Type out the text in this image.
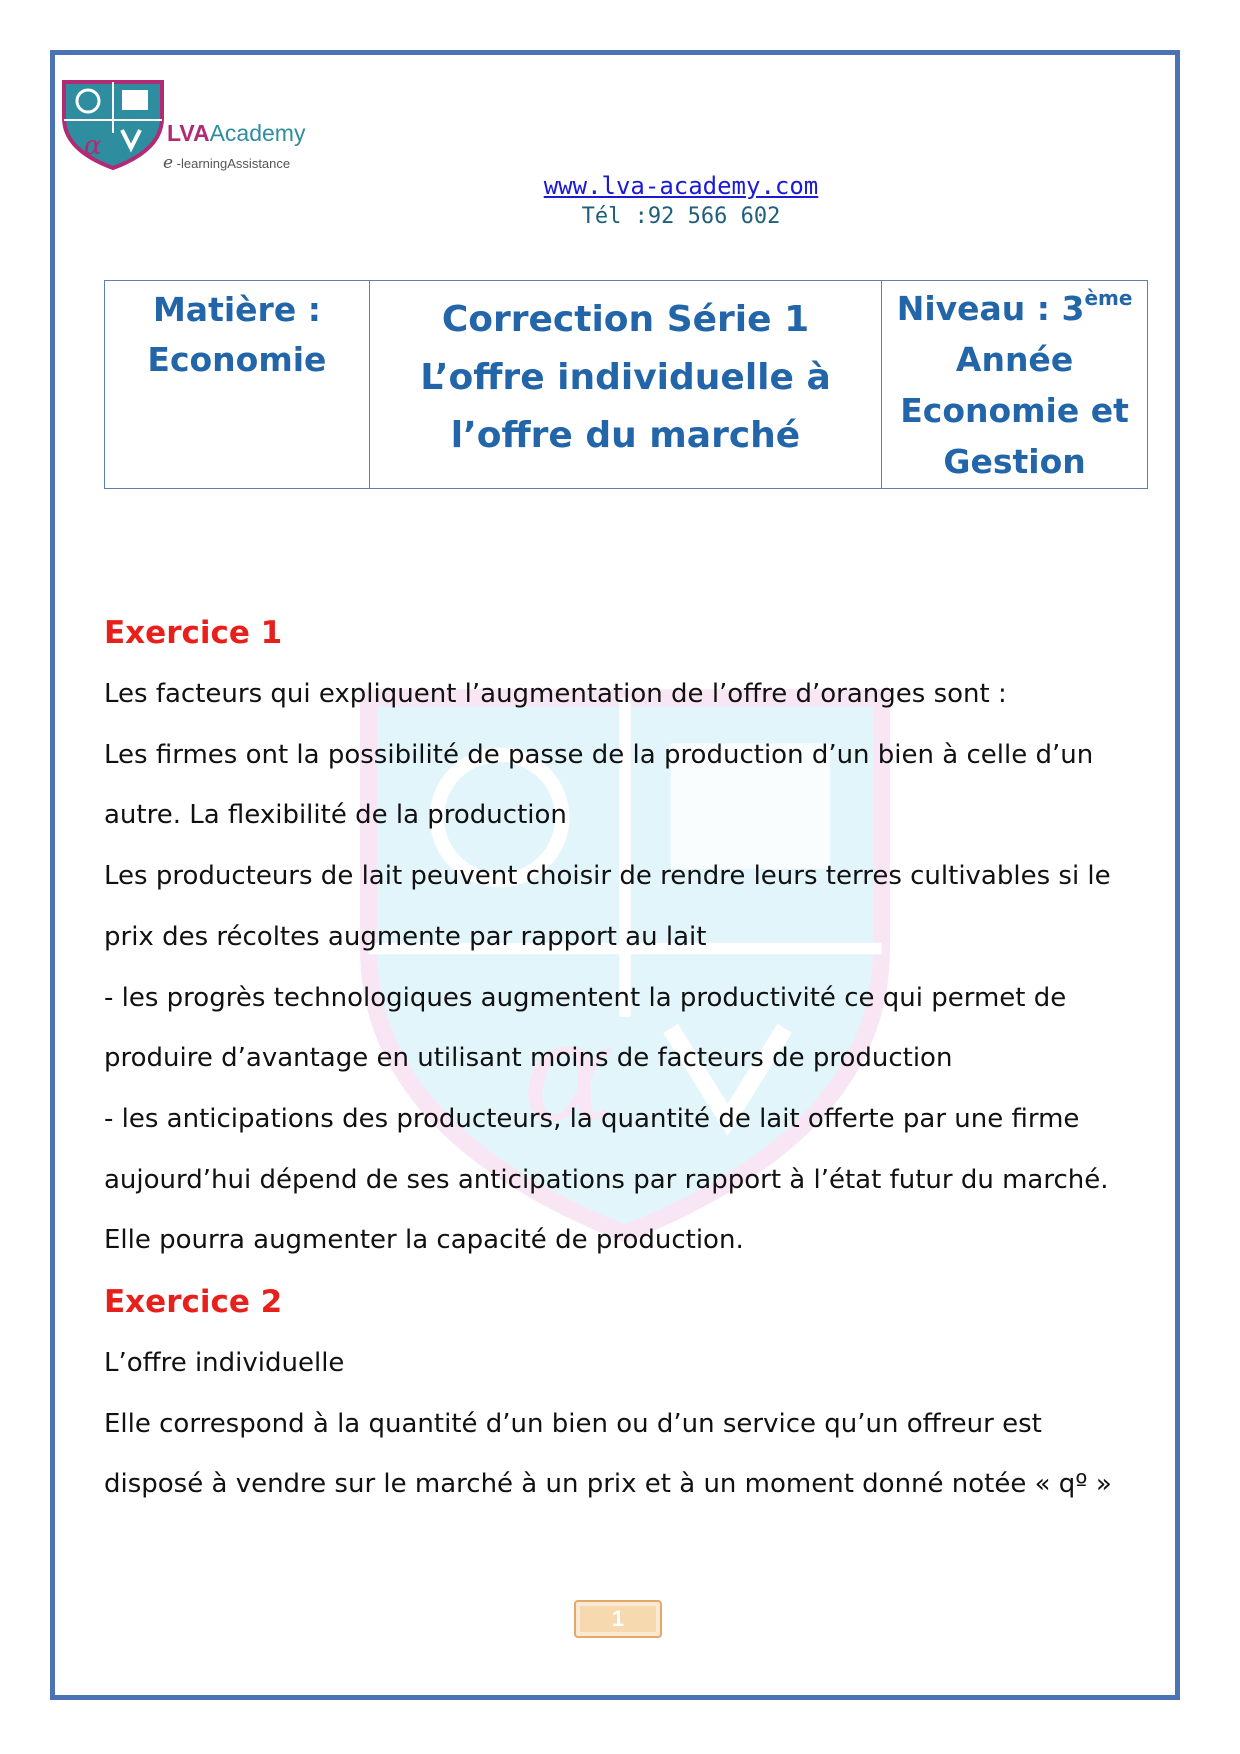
α
α	LVAAcademy
e -learningAssistance
www.lva-academy.com
Tél :92 566 602
Matière :
Economie

Correction Série 1
L’offre individuelle à
l’offre du marché

Niveau : 3ème
Année
Economie et
Gestion
Exercice 1

Les facteurs qui expliquent l’augmentation de l’offre d’oranges sont :

Les firmes ont la possibilité de passe de la production d’un bien à celle d’un

autre. La flexibilité de la production

Les producteurs de lait peuvent choisir de rendre leurs terres cultivables si le

prix des récoltes augmente par rapport au lait

- les progrès technologiques augmentent la productivité ce qui permet de

produire d’avantage en utilisant moins de facteurs de production

- les anticipations des producteurs, la quantité de lait offerte par une firme

aujourd’hui dépend de ses anticipations par rapport à l’état futur du marché.

Elle pourra augmenter la capacité de production.

Exercice 2

L’offre individuelle

Elle correspond à la quantité d’un bien ou d’un service qu’un offreur est

disposé à vendre sur le marché à un prix et à un moment donné notée « qº »

1
